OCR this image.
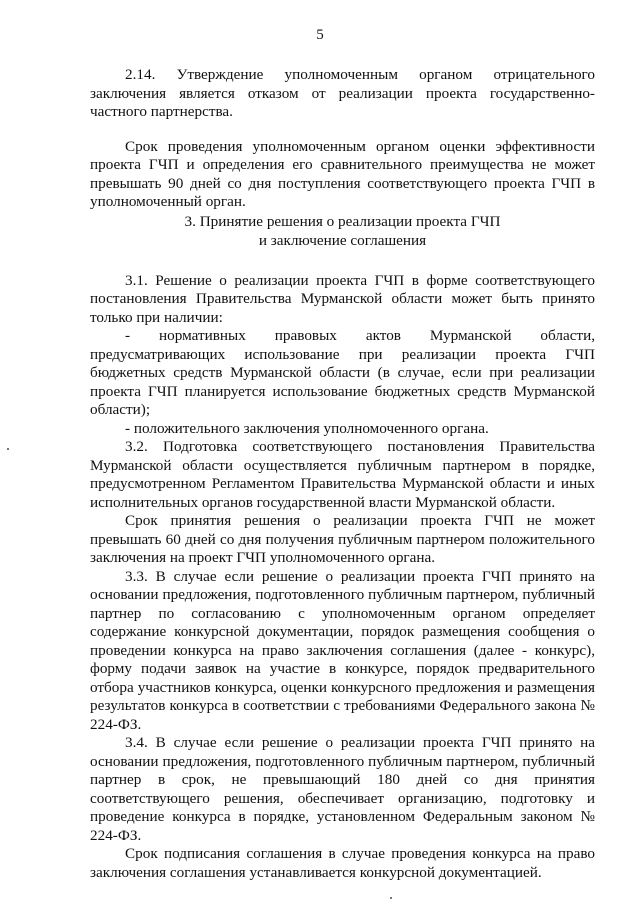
5

2.14. Утверждение уполномоченным органом отрицательного заключения является отказом от реализации проекта государственно-частного партнерства.

Срок проведения уполномоченным органом оценки эффективности проекта ГЧП и определения его сравнительного преимущества не может превышать 90 дней со дня поступления соответствующего проекта ГЧП в уполномоченный орган.

3. Принятие решения о реализации проекта ГЧП
и заключение соглашения

3.1. Решение о реализации проекта ГЧП в форме соответствующего постановления Правительства Мурманской области может быть принято только при наличии:

- нормативных правовых актов Мурманской области, предусматривающих использование при реализации проекта ГЧП бюджетных средств Мурманской области (в случае, если при реализации проекта ГЧП планируется использование бюджетных средств Мурманской области);

- положительного заключения уполномоченного органа.

3.2. Подготовка соответствующего постановления Правительства Мурманской области осуществляется публичным партнером в порядке, предусмотренном Регламентом Правительства Мурманской области и иных исполнительных органов государственной власти Мурманской области.

Срок принятия решения о реализации проекта ГЧП не может превышать 60 дней со дня получения публичным партнером положительного заключения на проект ГЧП уполномоченного органа.

3.3. В случае если решение о реализации проекта ГЧП принято на основании предложения, подготовленного публичным партнером, публичный партнер по согласованию с уполномоченным органом определяет содержание конкурсной документации, порядок размещения сообщения о проведении конкурса на право заключения соглашения (далее - конкурс), форму подачи заявок на участие в конкурсе, порядок предварительного отбора участников конкурса, оценки конкурсного предложения и размещения результатов конкурса в соответствии с требованиями Федерального закона № 224-ФЗ.

3.4. В случае если решение о реализации проекта ГЧП принято на основании предложения, подготовленного публичным партнером, публичный партнер в срок, не превышающий 180 дней со дня принятия соответствующего решения, обеспечивает организацию, подготовку и проведение конкурса в порядке, установленном Федеральным законом № 224-ФЗ.

Срок подписания соглашения в случае проведения конкурса на право заключения соглашения устанавливается конкурсной документацией.
